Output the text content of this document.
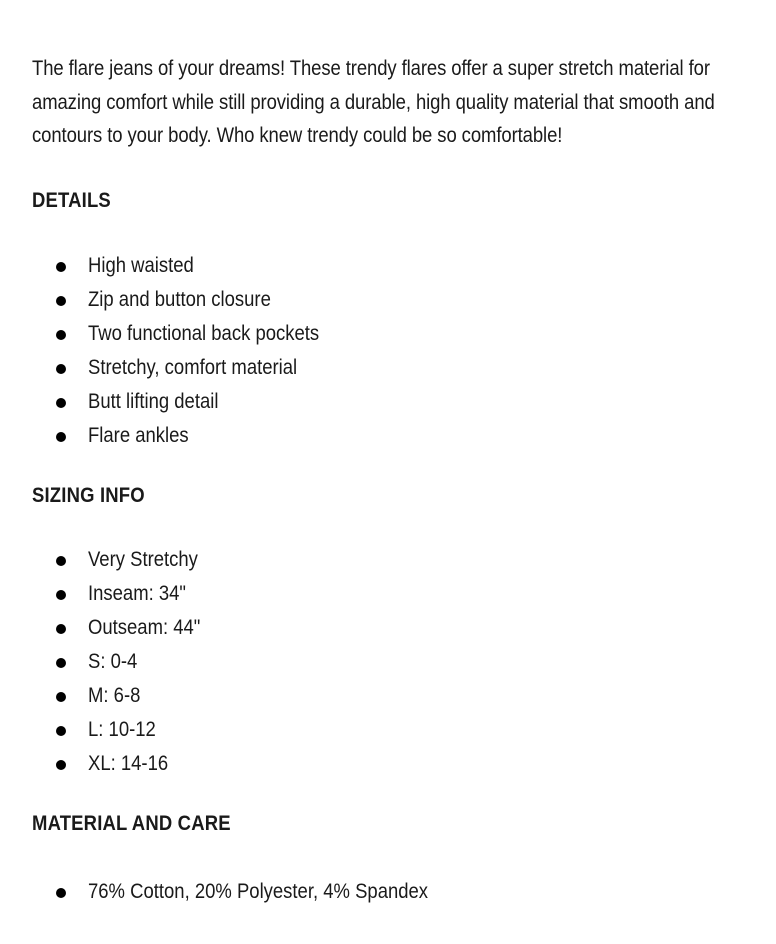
The flare jeans of your dreams! These trendy flares offer a super stretch material for amazing comfort while still providing a durable, high quality material that smooth and contours to your body. Who knew trendy could be so comfortable!

DETAILS
High waisted
Zip and button closure
Two functional back pockets
Stretchy, comfort material
Butt lifting detail
Flare ankles
SIZING INFO
Very Stretchy
Inseam: 34"
Outseam: 44"
S: 0-4
M: 6-8
L: 10-12
XL: 14-16
MATERIAL AND CARE
76% Cotton, 20% Polyester, 4% Spandex
